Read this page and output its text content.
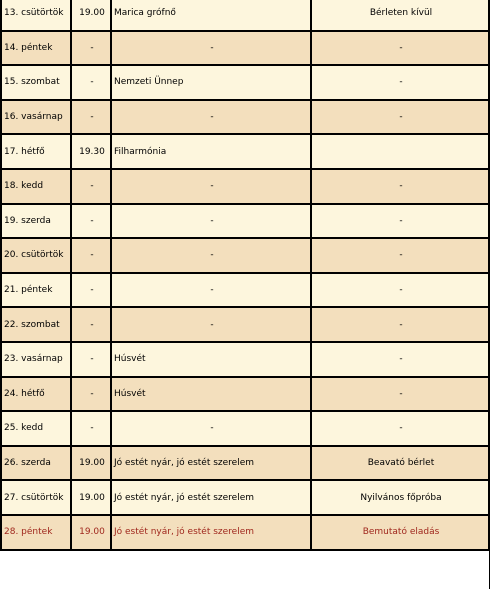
13. csütörtök	19.00	Marica grófnő	Bérleten kívül
14. péntek	-	-	-
15. szombat	-	Nemzeti Ünnep	-
16. vasárnap	-	-	-
17. hétfő	19.30	Filharmónia	
18. kedd	-	-	-
19. szerda	-	-	-
20. csütörtök	-	-	-
21. péntek	-	-	-
22. szombat	-	-	-
23. vasárnap	-	Húsvét	-
24. hétfő	-	Húsvét	-
25. kedd	-	-	-
26. szerda	19.00	Jó estét nyár, jó estét szerelem	Beavató bérlet
27. csütörtök	19.00	Jó estét nyár, jó estét szerelem	Nyilvános főpróba
28. péntek	19.00	Jó estét nyár, jó estét szerelem	Bemutató eladás
